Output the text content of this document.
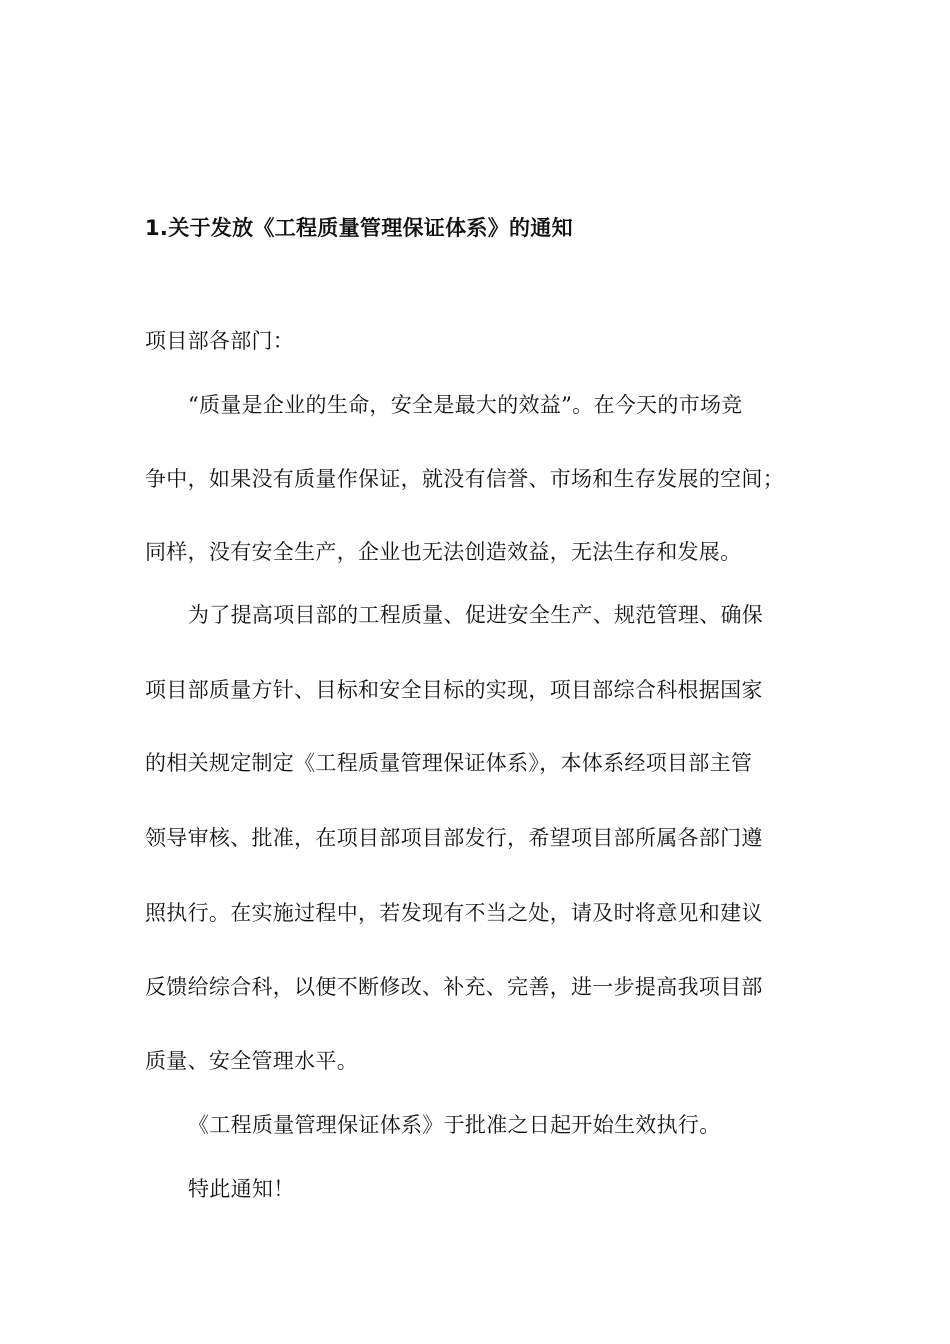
1.关于发放《工程质量管理保证体系》的通知
项目部各部门：
“质量是企业的生命，安全是最大的效益”。在今天的市场竞
争中，如果没有质量作保证，就没有信誉、市场和生存发展的空间；
同样，没有安全生产，企业也无法创造效益，无法生存和发展。
为了提高项目部的工程质量、促进安全生产、规范管理、确保
项目部质量方针、目标和安全目标的实现，项目部综合科根据国家
的相关规定制定《工程质量管理保证体系》，本体系经项目部主管
领导审核、批准，在项目部项目部发行，希望项目部所属各部门遵
照执行。在实施过程中，若发现有不当之处，请及时将意见和建议
反馈给综合科，以便不断修改、补充、完善，进一步提高我项目部
质量、安全管理水平。
《工程质量管理保证体系》于批准之日起开始生效执行。
特此通知！
